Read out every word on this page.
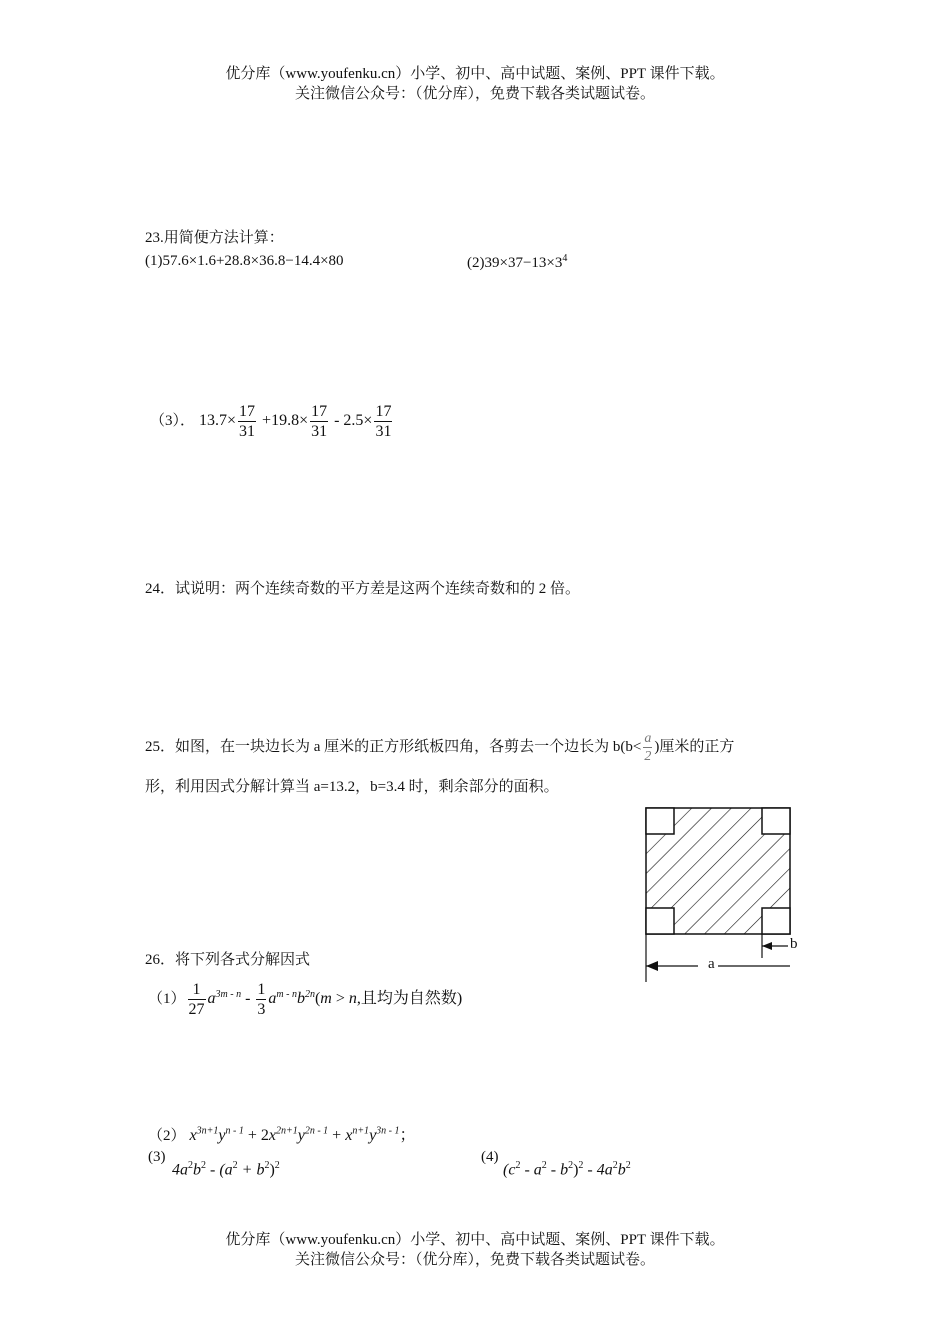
优分库（www.youfenku.cn）小学、初中、高中试题、案例、PPT 课件下载。
关注微信公众号：（优分库），免费下载各类试题试卷。
23.用简便方法计算：
(1)57.6×1.6+28.8×36.8−14.4×80	$(2)39\times 37-13\times 3^4$
（3）． $13.7\times \frac{17}{31} +19.8\times \frac{17}{31} - 2.5\times \frac{17}{31}$
24．试说明：两个连续奇数的平方差是这两个连续奇数和的 2 倍。
25．如图，在一块边长为 a 厘米的正方形纸板四角，各剪去一个边长为 $b(b< \frac{a}{2}$ )厘米的正方
形，利用因式分解计算当 a=13.2，b=3.4 时，剩余部分的面积。
b
a
26．将下列各式分解因式
$(1) \frac{1}{27} a^{3m - n} - \frac{1}{3} a^{m - n}b^{2n}(m > n$,且均为自然数)
（2） $x^{3n+1}y^{n - 1} + 2x^{2n+1}y^{2n - 1} + x^{n+1}y^{3n - 1}$；
(3)
$4a^2b^2 - (a^2 + b^2)^2$
(4)
$(c^2 - a^2 - b^2)^2 - 4a^2b^2$
优分库（www.youfenku.cn）小学、初中、高中试题、案例、PPT 课件下载。
关注微信公众号：（优分库），免费下载各类试题试卷。
